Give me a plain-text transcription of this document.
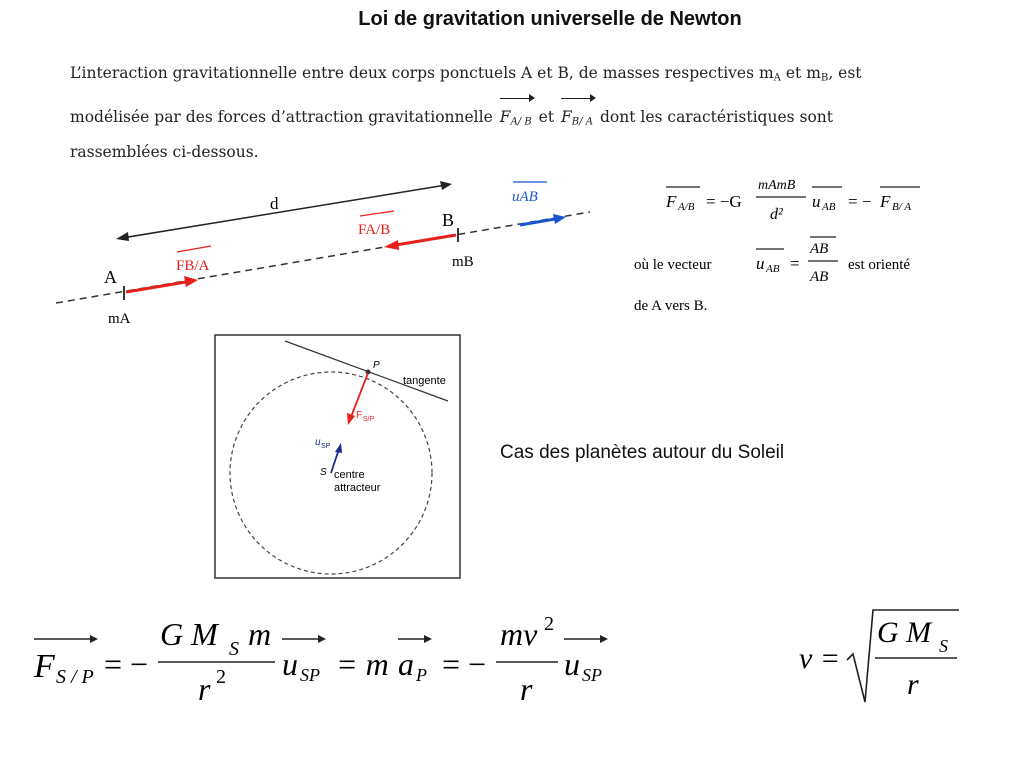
Loi de gravitation universelle de Newton
L’interaction gravitationnelle entre deux corps ponctuels A et B, de masses respectives $m_A$ et $m_B$, est
modélisée par des forces d’attraction gravitationnelle $F_{A/ B}$ et $F_{B/ A}$ dont les caractéristiques sont
rassemblées ci-dessous.
d
A
B
mA
mB
FB/A
FA/B
uAB	F A/B = −G
mAmB
d²
u AB = − F B/ A
où le vecteur	u AB =
AB
AB
est orienté
de A vers B.
P
tangente
F S/P
u SP
S centre
attracteur
Cas des planètes autour du Soleil
F S / P = −
G M S m
r 2 u SP = m a P = −
mv 2
r
u SP	v =
G M S
r
